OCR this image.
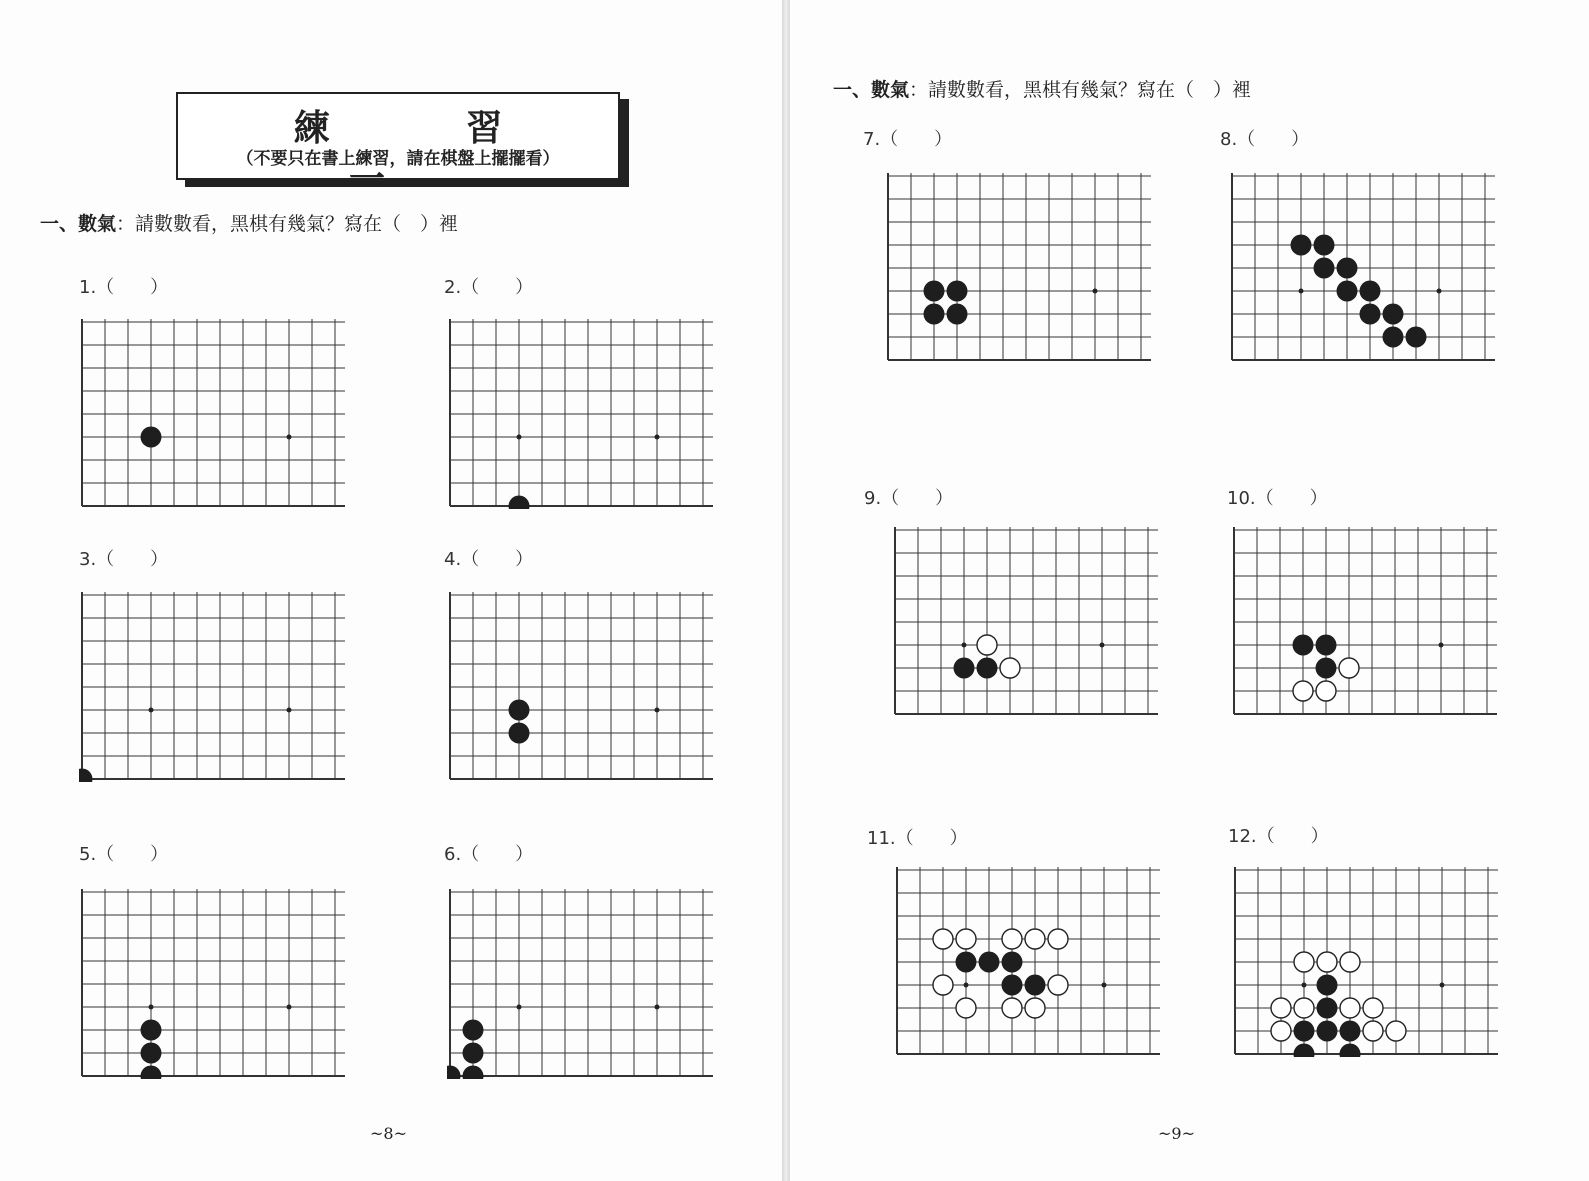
練 習 一
（不要只在書上練習，請在棋盤上擺擺看）
一、數氣：請數數看，黑棋有幾氣？寫在（　）裡
1.（　　）	2.（　　）
3.（　　）	4.（　　）
5.（　　）	6.（　　）
~8~
一、數氣：請數數看，黑棋有幾氣？寫在（　）裡
7.（　　）	8.（　　）
9.（　　）	10.（　　）
11.（　　）	12.（　　）
~9~
